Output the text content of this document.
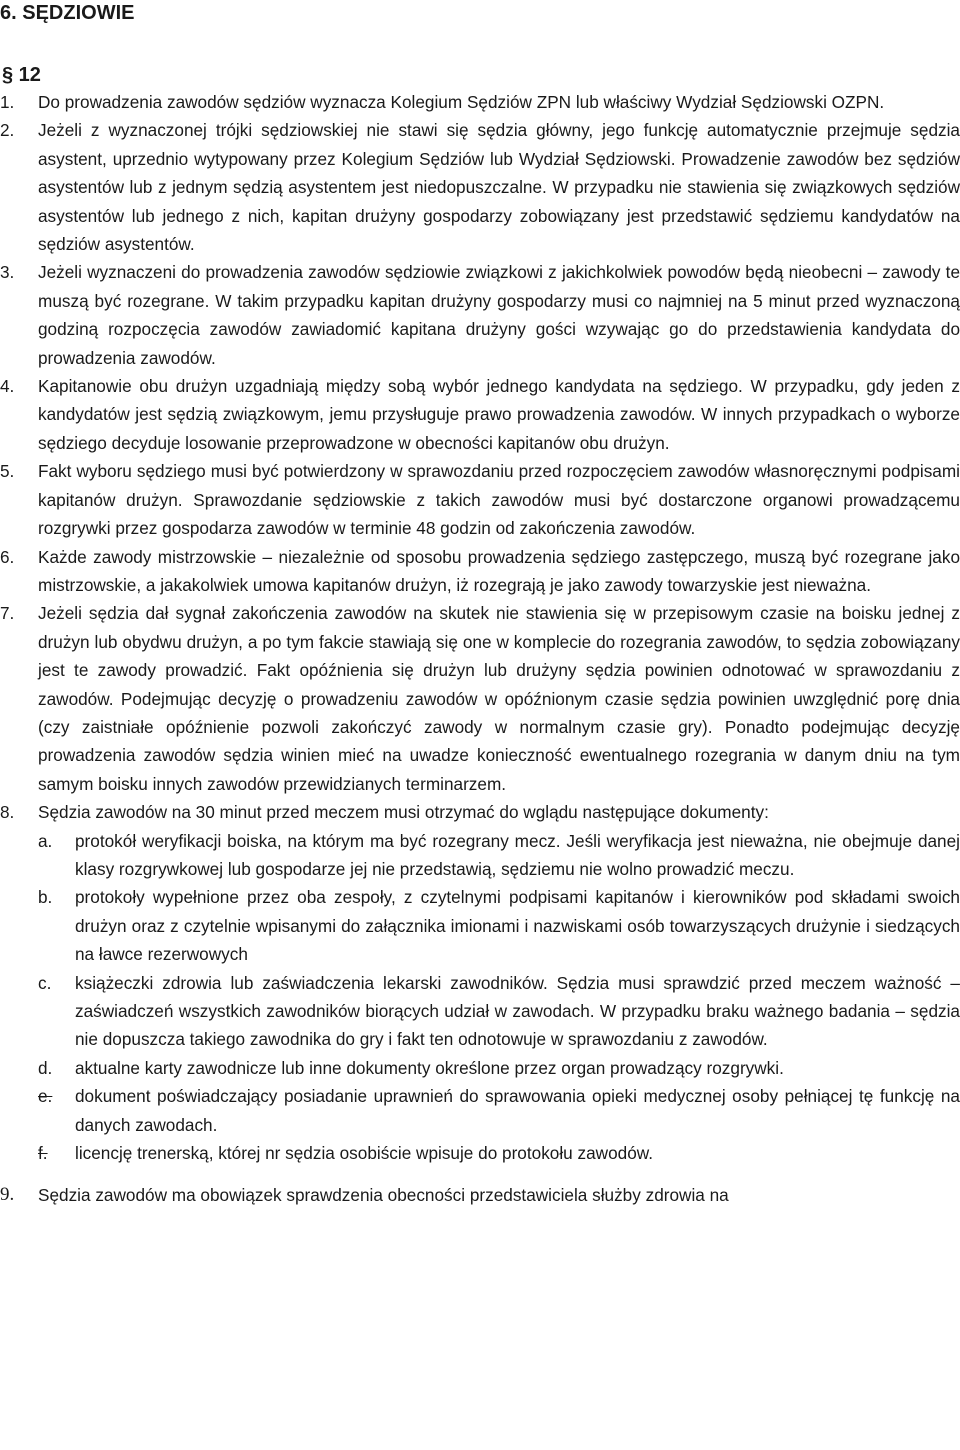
6. SĘDZIOWIE
§ 12
1. Do prowadzenia zawodów sędziów wyznacza Kolegium Sędziów ZPN lub właściwy Wydział Sędziowski OZPN.
2. Jeżeli z wyznaczonej trójki sędziowskiej nie stawi się sędzia główny, jego funkcję automatycznie przejmuje sędzia asystent, uprzednio wytypowany przez Kolegium Sędziów lub Wydział Sędziowski. Prowadzenie zawodów bez sędziów asystentów lub z jednym sędzią asystentem jest niedopuszczalne. W przypadku nie stawienia się związkowych sędziów asystentów lub jednego z nich, kapitan drużyny gospodarzy zobowiązany jest przedstawić sędziemu kandydatów na sędziów asystentów.
3. Jeżeli wyznaczeni do prowadzenia zawodów sędziowie związkowi z jakichkolwiek powodów będą nieobecni – zawody te muszą być rozegrane. W takim przypadku kapitan drużyny gospodarzy musi co najmniej na 5 minut przed wyznaczoną godziną rozpoczęcia zawodów zawiadomić kapitana drużyny gości wzywając go do przedstawienia kandydata do prowadzenia zawodów.
4. Kapitanowie obu drużyn uzgadniają między sobą wybór jednego kandydata na sędziego. W przypadku, gdy jeden z kandydatów jest sędzią związkowym, jemu przysługuje prawo prowadzenia zawodów. W innych przypadkach o wyborze sędziego decyduje losowanie przeprowadzone w obecności kapitanów obu drużyn.
5. Fakt wyboru sędziego musi być potwierdzony w sprawozdaniu przed rozpoczęciem zawodów własnoręcznymi podpisami kapitanów drużyn. Sprawozdanie sędziowskie z takich zawodów musi być dostarczone organowi prowadzącemu rozgrywki przez gospodarza zawodów w terminie 48 godzin od zakończenia zawodów.
6. Każde zawody mistrzowskie – niezależnie od sposobu prowadzenia sędziego zastępczego, muszą być rozegrane jako mistrzowskie, a jakakolwiek umowa kapitanów drużyn, iż rozegrają je jako zawody towarzyskie jest nieważna.
7. Jeżeli sędzia dał sygnał zakończenia zawodów na skutek nie stawienia się w przepisowym czasie na boisku jednej z drużyn lub obydwu drużyn, a po tym fakcie stawiają się one w komplecie do rozegrania zawodów, to sędzia zobowiązany jest te zawody prowadzić. Fakt opóźnienia się drużyn lub drużyny sędzia powinien odnotować w sprawozdaniu z zawodów. Podejmując decyzję o prowadzeniu zawodów w opóźnionym czasie sędzia powinien uwzględnić porę dnia (czy zaistniałe opóźnienie pozwoli zakończyć zawody w normalnym czasie gry). Ponadto podejmując decyzję prowadzenia zawodów sędzia winien mieć na uwadze konieczność ewentualnego rozegrania w danym dniu na tym samym boisku innych zawodów przewidzianych terminarzem.
8. Sędzia zawodów na 30 minut przed meczem musi otrzymać do wglądu następujące dokumenty:
a. protokół weryfikacji boiska, na którym ma być rozegrany mecz. Jeśli weryfikacja jest nieważna, nie obejmuje danej klasy rozgrywkowej lub gospodarze jej nie przedstawią, sędziemu nie wolno prowadzić meczu.
b. protokoły wypełnione przez oba zespoły, z czytelnymi podpisami kapitanów i kierowników pod składami swoich drużyn oraz z czytelnie wpisanymi do załącznika imionami i nazwiskami osób towarzyszących drużynie i siedzących na ławce rezerwowych
c. książeczki zdrowia lub zaświadczenia lekarski zawodników. Sędzia musi sprawdzić przed meczem ważność – zaświadczeń wszystkich zawodników biorących udział w zawodach. W przypadku braku ważnego badania – sędzia nie dopuszcza takiego zawodnika do gry i fakt ten odnotowuje w sprawozdaniu z zawodów.
d. aktualne karty zawodnicze lub inne dokumenty określone przez organ prowadzący rozgrywki.
e. dokument poświadczający posiadanie uprawnień do sprawowania opieki medycznej osoby pełniącej tę funkcję na danych zawodach.
f. licencję trenerską, której nr sędzia osobiście wpisuje do protokołu zawodów.
9. Sędzia zawodów ma obowiązek sprawdzenia obecności przedstawiciela służby zdrowia na
